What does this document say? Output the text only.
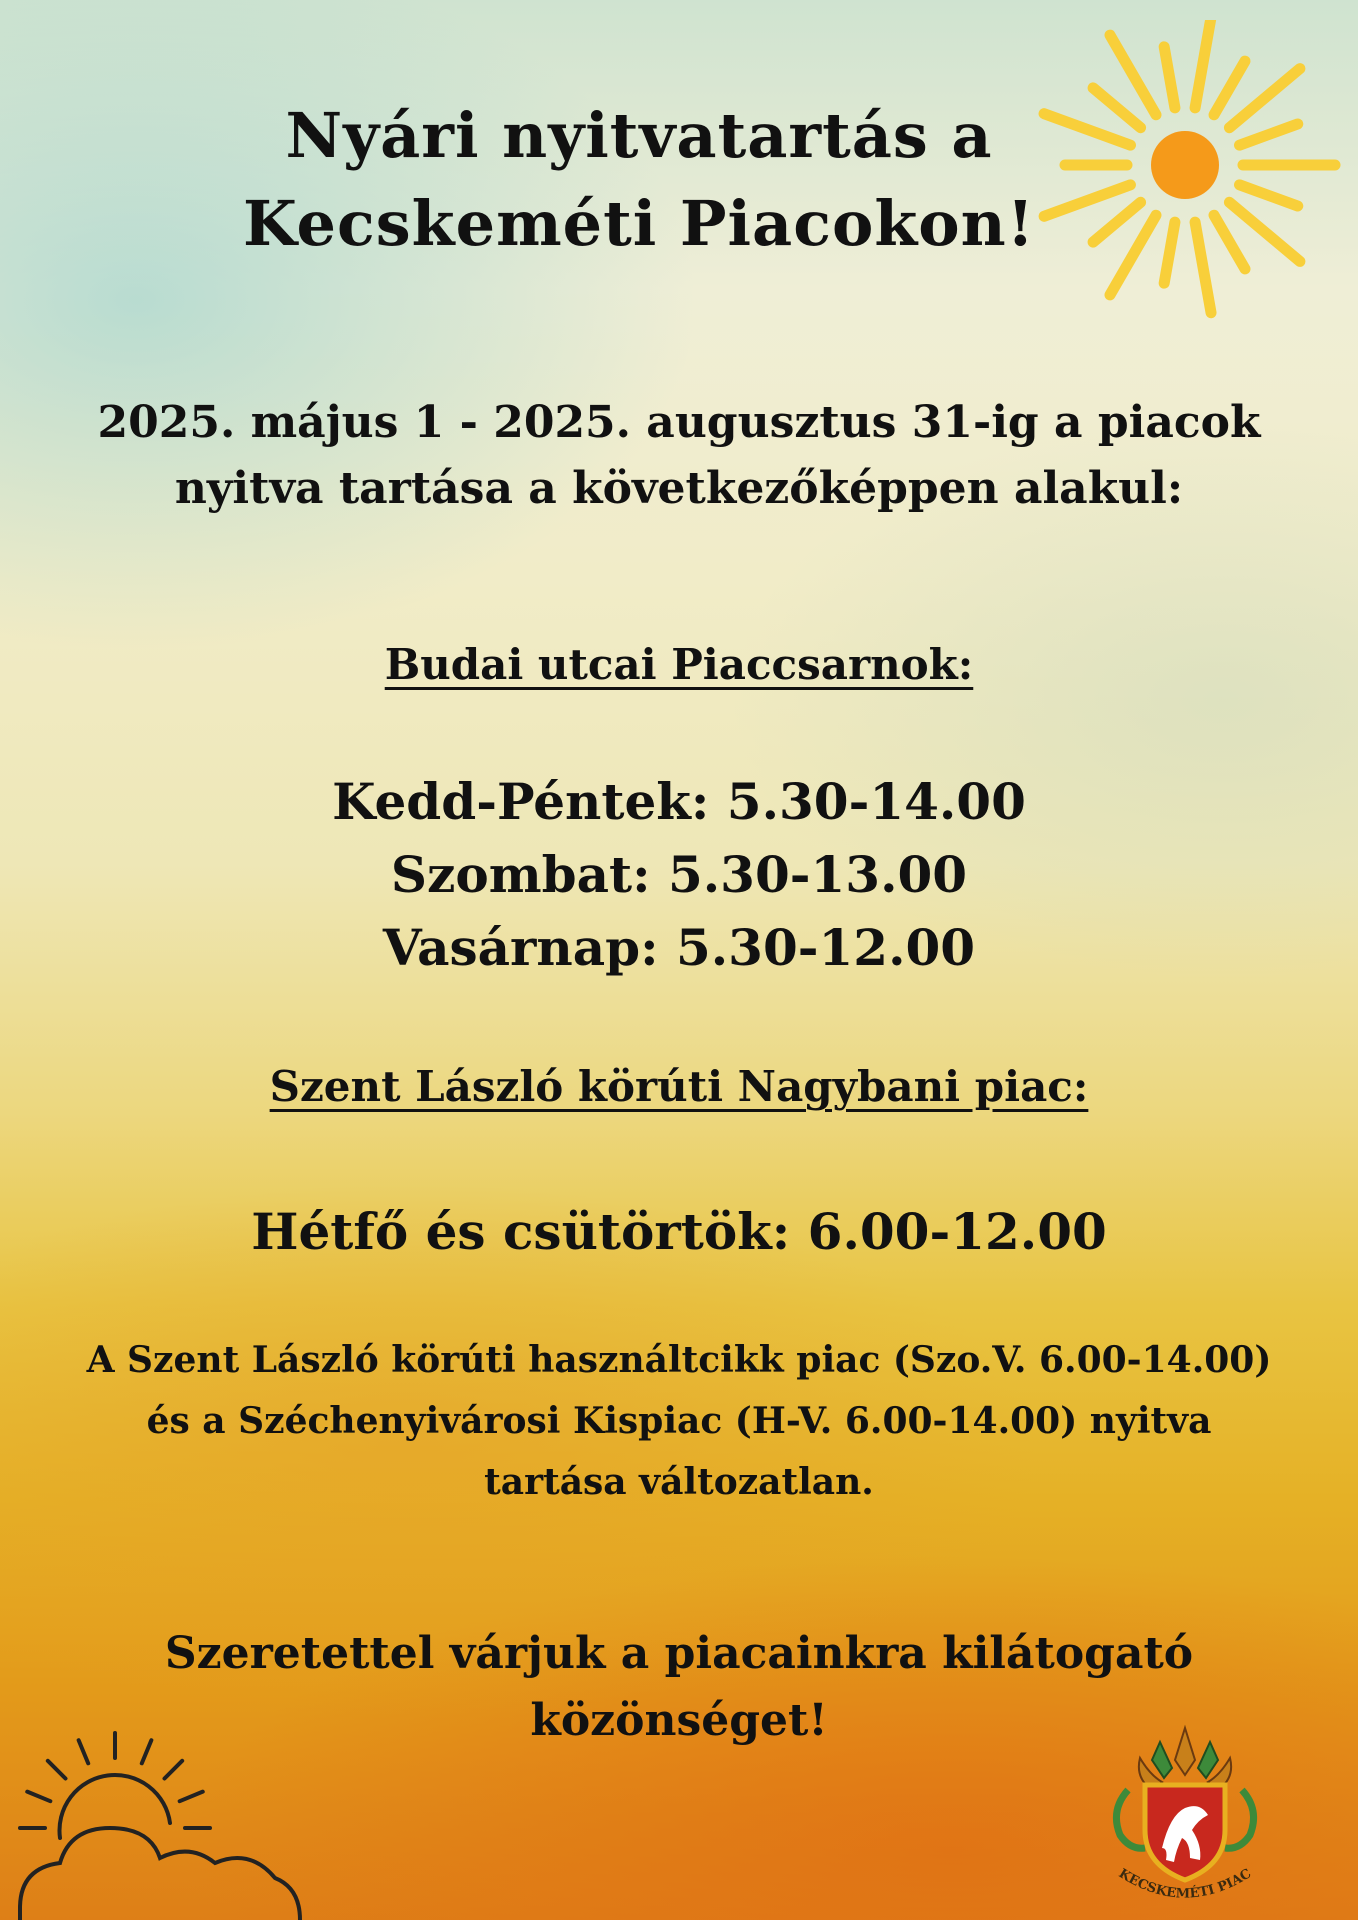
Nyári nyitvatartás a
Kecskeméti Piacokon!

2025. május 1 - 2025. augusztus 31-ig a piacok
nyitva tartása a következőképpen alakul:

Budai utcai Piaccsarnok:

Kedd-Péntek: 5.30-14.00
Szombat: 5.30-13.00
Vasárnap: 5.30-12.00

Szent László körúti Nagybani piac:

Hétfő és csütörtök: 6.00-12.00

A Szent László körúti használtcikk piac (Szo.V. 6.00-14.00)
és a Széchenyivárosi Kispiac (H-V. 6.00-14.00) nyitva
tartása változatlan.

Szeretettel várjuk a piacainkra kilátogató
közönséget!

KECSKEMÉTI PIAC
